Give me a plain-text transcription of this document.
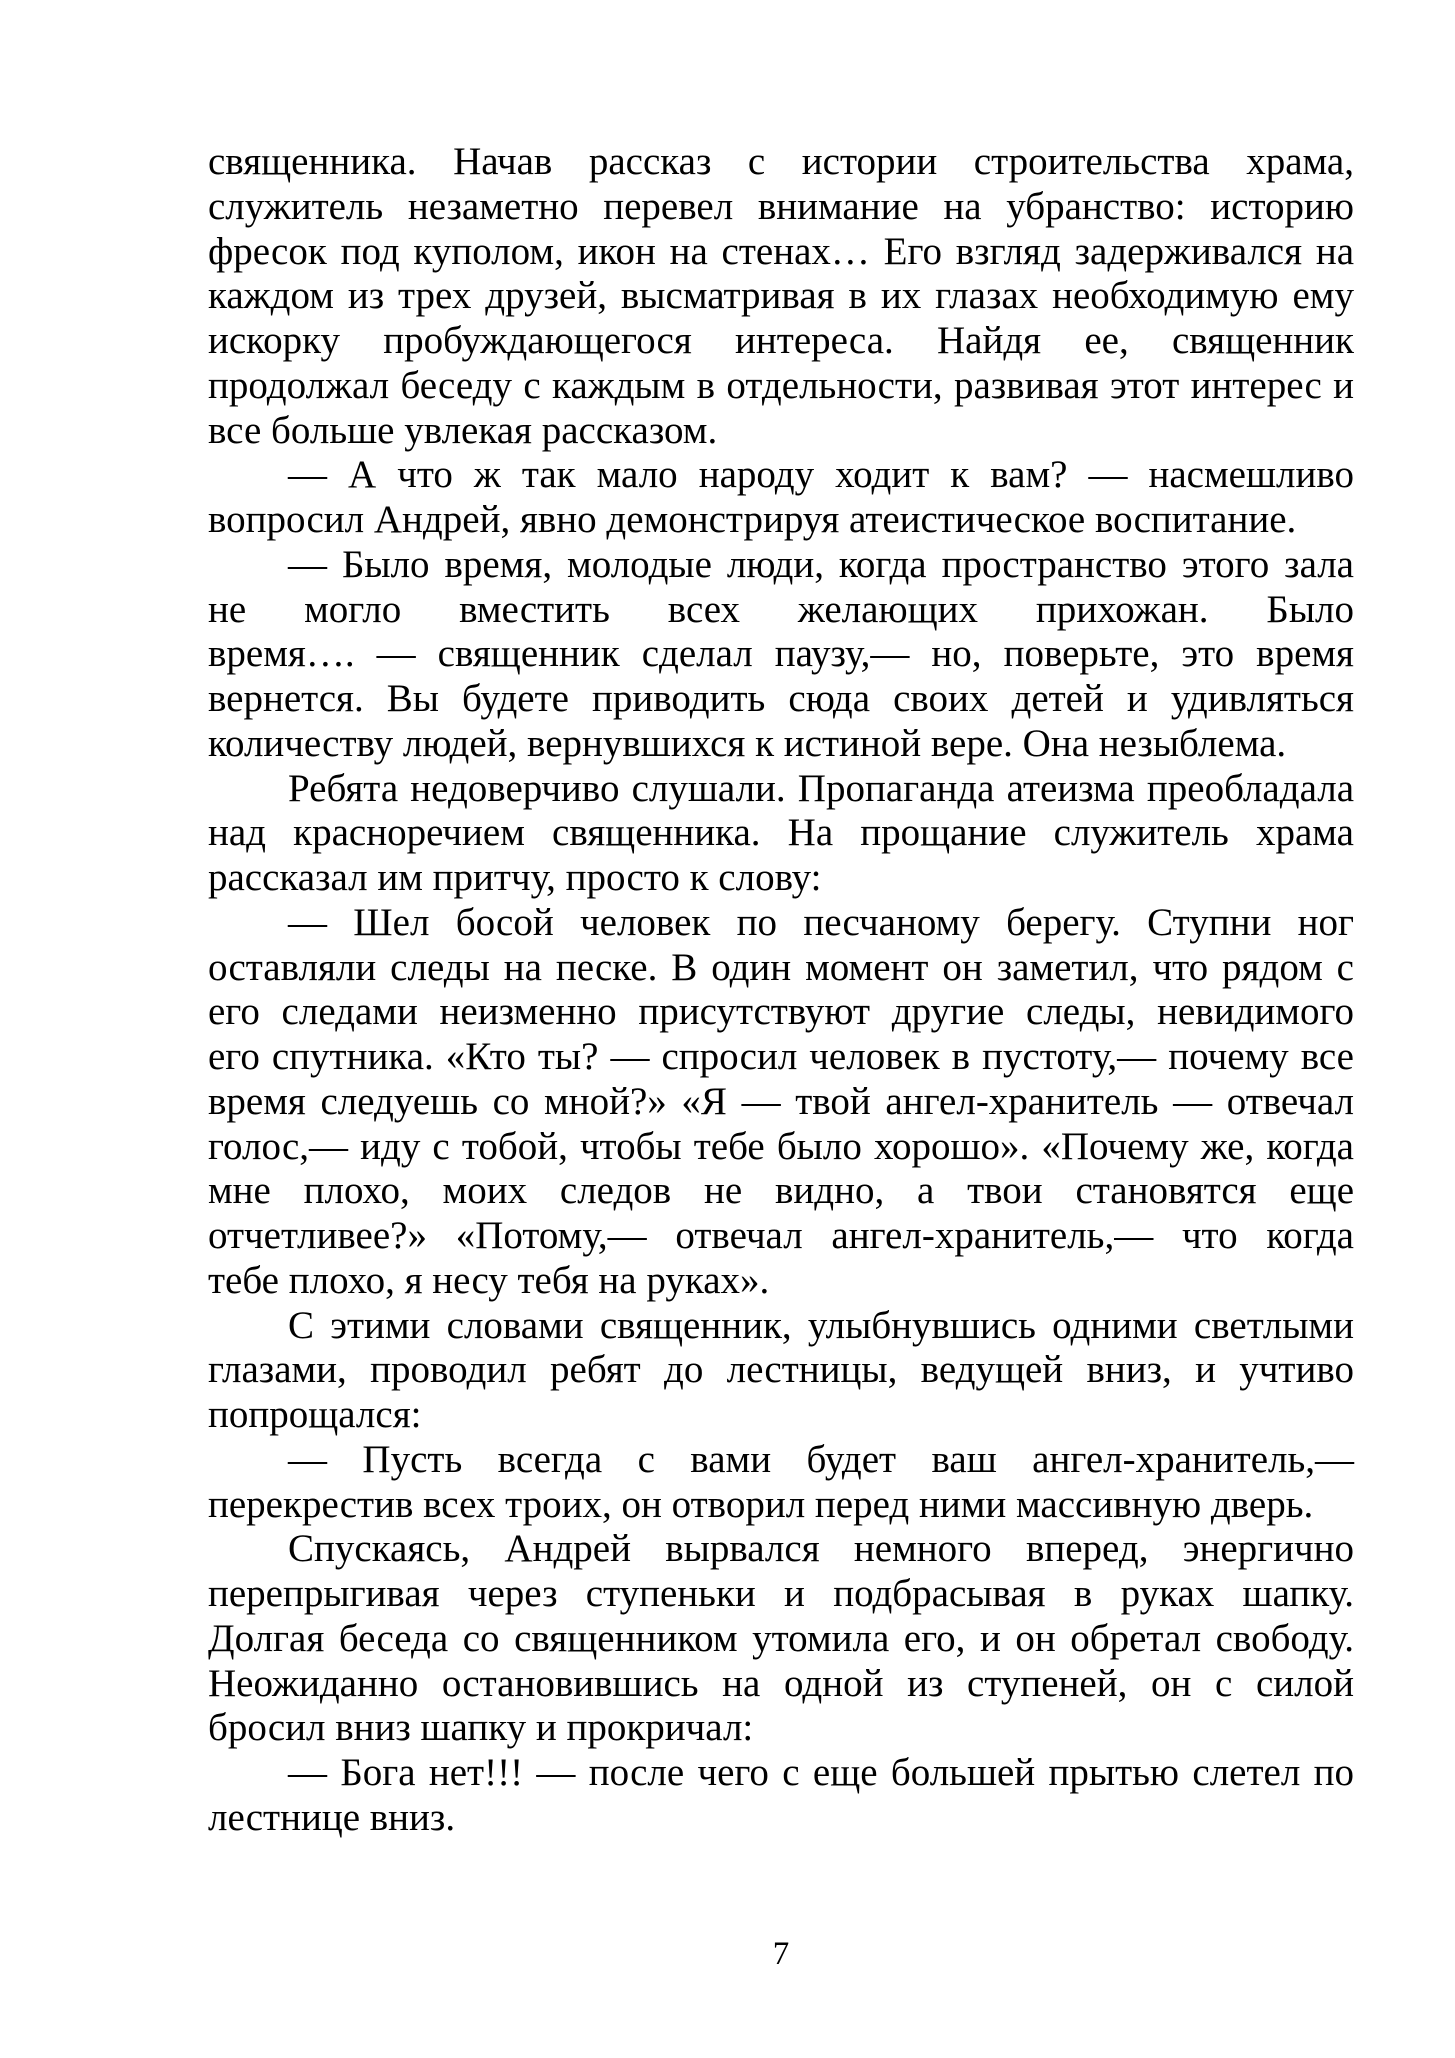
священника. Начав рассказ с истории строительства храма,
служитель незаметно перевел внимание на убранство: историю
фресок под куполом, икон на стенах… Его взгляд задерживался на
каждом из трех друзей, высматривая в их глазах необходимую ему
искорку пробуждающегося интереса. Найдя ее, священник
продолжал беседу с каждым в отдельности, развивая этот интерес и
все больше увлекая рассказом.
— А что ж так мало народу ходит к вам? — насмешливо
вопросил Андрей, явно демонстрируя атеистическое воспитание.
— Было время, молодые люди, когда пространство этого зала
не могло вместить всех желающих прихожан. Было
время…. — священник сделал паузу,— но, поверьте, это время
вернется. Вы будете приводить сюда своих детей и удивляться
количеству людей, вернувшихся к истиной вере. Она незыблема.
Ребята недоверчиво слушали. Пропаганда атеизма преобладала
над красноречием священника. На прощание служитель храма
рассказал им притчу, просто к слову:
— Шел босой человек по песчаному берегу. Ступни ног
оставляли следы на песке. В один момент он заметил, что рядом с
его следами неизменно присутствуют другие следы, невидимого
его спутника. «Кто ты? — спросил человек в пустоту,— почему все
время следуешь со мной?» «Я — твой ангел-хранитель — отвечал
голос,— иду с тобой, чтобы тебе было хорошо». «Почему же, когда
мне плохо, моих следов не видно, а твои становятся еще
отчетливее?» «Потому,— отвечал ангел-хранитель,— что когда
тебе плохо, я несу тебя на руках».
С этими словами священник, улыбнувшись одними светлыми
глазами, проводил ребят до лестницы, ведущей вниз, и учтиво
попрощался:
— Пусть всегда с вами будет ваш ангел-хранитель,—
перекрестив всех троих, он отворил перед ними массивную дверь.
Спускаясь, Андрей вырвался немного вперед, энергично
перепрыгивая через ступеньки и подбрасывая в руках шапку.
Долгая беседа со священником утомила его, и он обретал свободу.
Неожиданно остановившись на одной из ступеней, он с силой
бросил вниз шапку и прокричал:
— Бога нет!!! — после чего с еще большей прытью слетел по
лестнице вниз.
7
